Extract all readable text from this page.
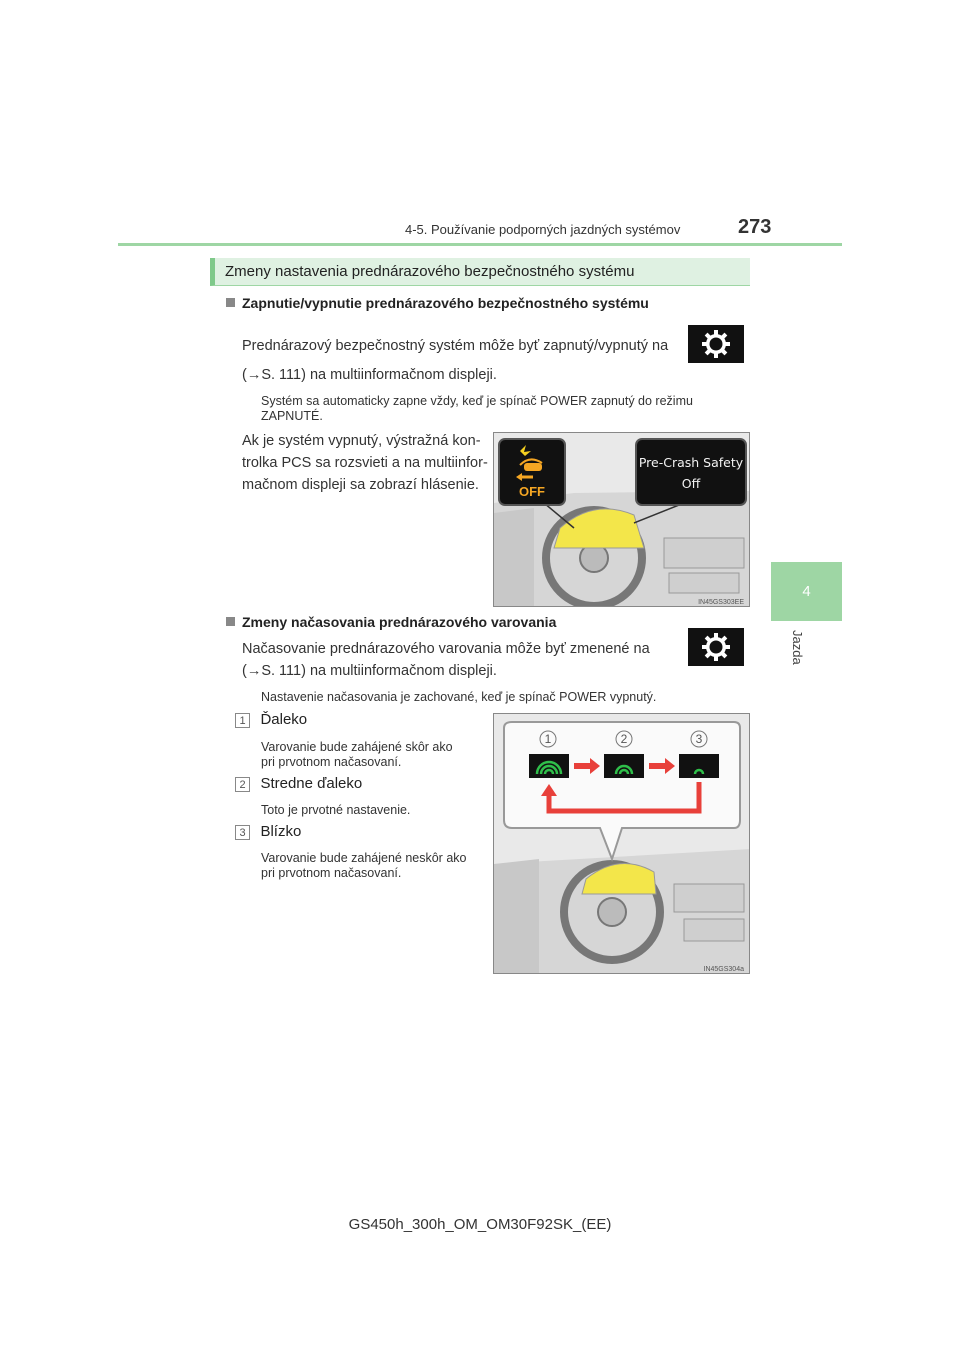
4-5. Používanie podporných jazdných systémov	273
4
Jazda
Zmeny nastavenia prednárazového bezpečnostného systému
Zapnutie/vypnutie prednárazového bezpečnostného systému
Prednárazový bezpečnostný systém môže byť zapnutý/vypnutý na
(→S. 111) na multiinformačnom displeji.
Systém sa automaticky zapne vždy, keď je spínač POWER zapnutý do režimu
ZAPNUTÉ.
Ak je systém vypnutý, výstražná kon-
trolka PCS sa rozsvieti a na multiinfor-
mačnom displeji sa zobrazí hlásenie.	OFF
Pre-Crash Safety
Off
IN45GS303EE
Zmeny načasovania prednárazového varovania
Načasovanie prednárazového varovania môže byť zmenené na
(→S. 111) na multiinformačnom displeji.
Nastavenie načasovania je zachované, keď je spínač POWER vypnutý.
1 Ďaleko
Varovanie bude zahájené skôr ako
pri prvotnom načasovaní.
2 Stredne ďaleko
Toto je prvotné nastavenie.
3 Blízko
Varovanie bude zahájené neskôr ako
pri prvotnom načasovaní.
1	2	3
IN45GS304a
GS450h_300h_OM_OM30F92SK_(EE)
